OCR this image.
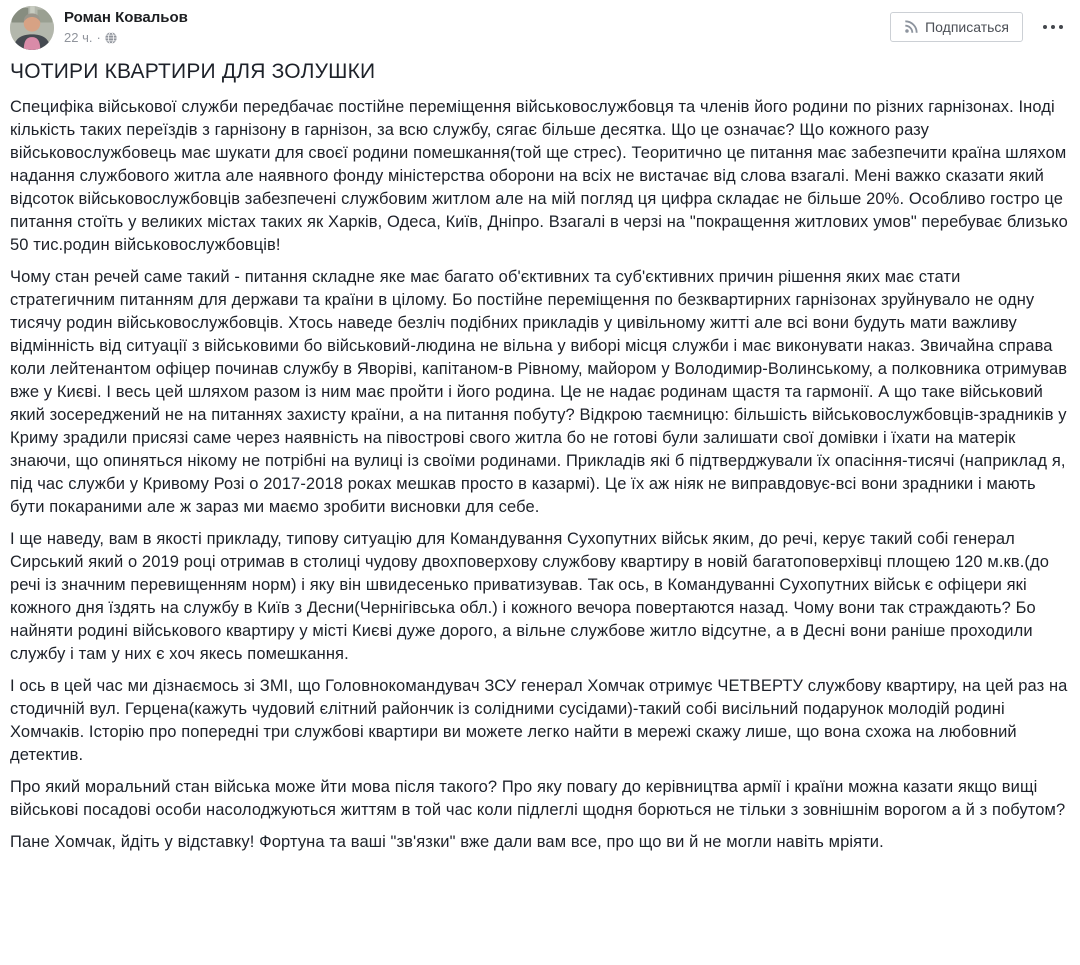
Роман Ковальов
22 ч. ·
Подписаться
ЧОТИРИ КВАРТИРИ ДЛЯ ЗОЛУШКИ

Специфіка військової служби передбачає постійне переміщення військовослужбовця та членів його родини по різних гарнізонах. Іноді кількість таких переїздів з гарнізону в гарнізон, за всю службу, сягає більше десятка. Що це означає? Що кожного разу військовослужбовець має шукати для своєї родини помешкання(той ще стрес). Теоритично це питання має забезпечити країна шляхом надання службового житла але наявного фонду міністерства оборони на всіх не вистачає від слова взагалі. Мені важко сказати який відсоток військовослужбовців забезпечені службовим житлом але на мій погляд ця цифра складає не більше 20%. Особливо гостро це питання стоїть у великих містах таких як Харків, Одеса, Київ, Дніпро. Взагалі в черзі на "покращення житлових умов" перебуває близько 50 тис.родин військовослужбовців!

Чому стан речей саме такий - питання складне яке має багато об'єктивних та суб'єктивних причин рішення яких має стати стратегичним питанням для держави та країни в цілому. Бо постійне переміщення по безквартирних гарнізонах зруйнувало не одну тисячу родин військовослужбовців. Хтось наведе безліч подібних прикладів у цивільному житті але всі вони будуть мати важливу відмінність від ситуації з військовими бо військовий-людина не вільна у виборі місця служби і має виконувати наказ. Звичайна справа коли лейтенантом офіцер починав службу в Яворіві, капітаном-в Рівному, майором у Володимир-Волинському, а полковника отримував вже у Києві. І весь цей шляхом разом із ним має пройти і його родина. Це не надає родинам щастя та гармонії. А що таке військовий який зосереджений не на питаннях захисту країни, а на питання побуту? Відкрою таємницю: більшість військовослужбовців-зрадників у Криму зрадили присязі саме через наявність на півострові свого житла бо не готові були залишати свої домівки і їхати на матерік знаючи, що опиняться нікому не потрібні на вулиці із своїми родинами. Прикладів які б підтверджували їх опасіння-тисячі (наприклад я, під час служби у Кривому Розі о 2017-2018 роках мешкав просто в казармі). Це їх аж ніяк не виправдовує-всі вони зрадники і мають бути покараними але ж зараз ми маємо зробити висновки для себе.

І ще наведу, вам в якості прикладу, типову ситуацію для Командування Сухопутних військ яким, до речі, керує такий собі генерал Сирський який о 2019 році отримав в столиці чудову двохповерхову службову квартиру в новій багатоповерхівці площею 120 м.кв.(до речі із значним перевищенням норм) і яку він швидесенько приватизував. Так ось, в Командуванні Сухопутних військ є офіцери які кожного дня їздять на службу в Київ з Десни(Чернігівська обл.) і кожного вечора повертаются назад. Чому вони так страждають? Бо найняти родині військового квартиру у місті Києві дуже дорого, а вільне службове житло відсутне, а в Десні вони раніше проходили службу і там у них є хоч якесь помешкання.

І ось в цей час ми дізнаємось зі ЗМІ, що Головнокомандувач ЗСУ генерал Хомчак отримує ЧЕТВЕРТУ службову квартиру, на цей раз на стодичній вул. Герцена(кажуть чудовий єлітний райончик із солідними сусідами)-такий собі висільний подарунок молодій родині Хомчаків. Історію про попередні три службові квартири ви можете легко найти в мережі скажу лише, що вона схожа на любовний детектив.

Про який моральний стан війська може йти мова після такого? Про яку повагу до керівництва армії і країни можна казати якщо вищі військові посадові особи насолоджуються життям в той час коли підлеглі щодня борються не тільки з зовнішнім ворогом а й з побутом?

Пане Хомчак, йдіть у відставку! Фортуна та ваші "зв'язки" вже дали вам все, про що ви й не могли навіть мріяти.
